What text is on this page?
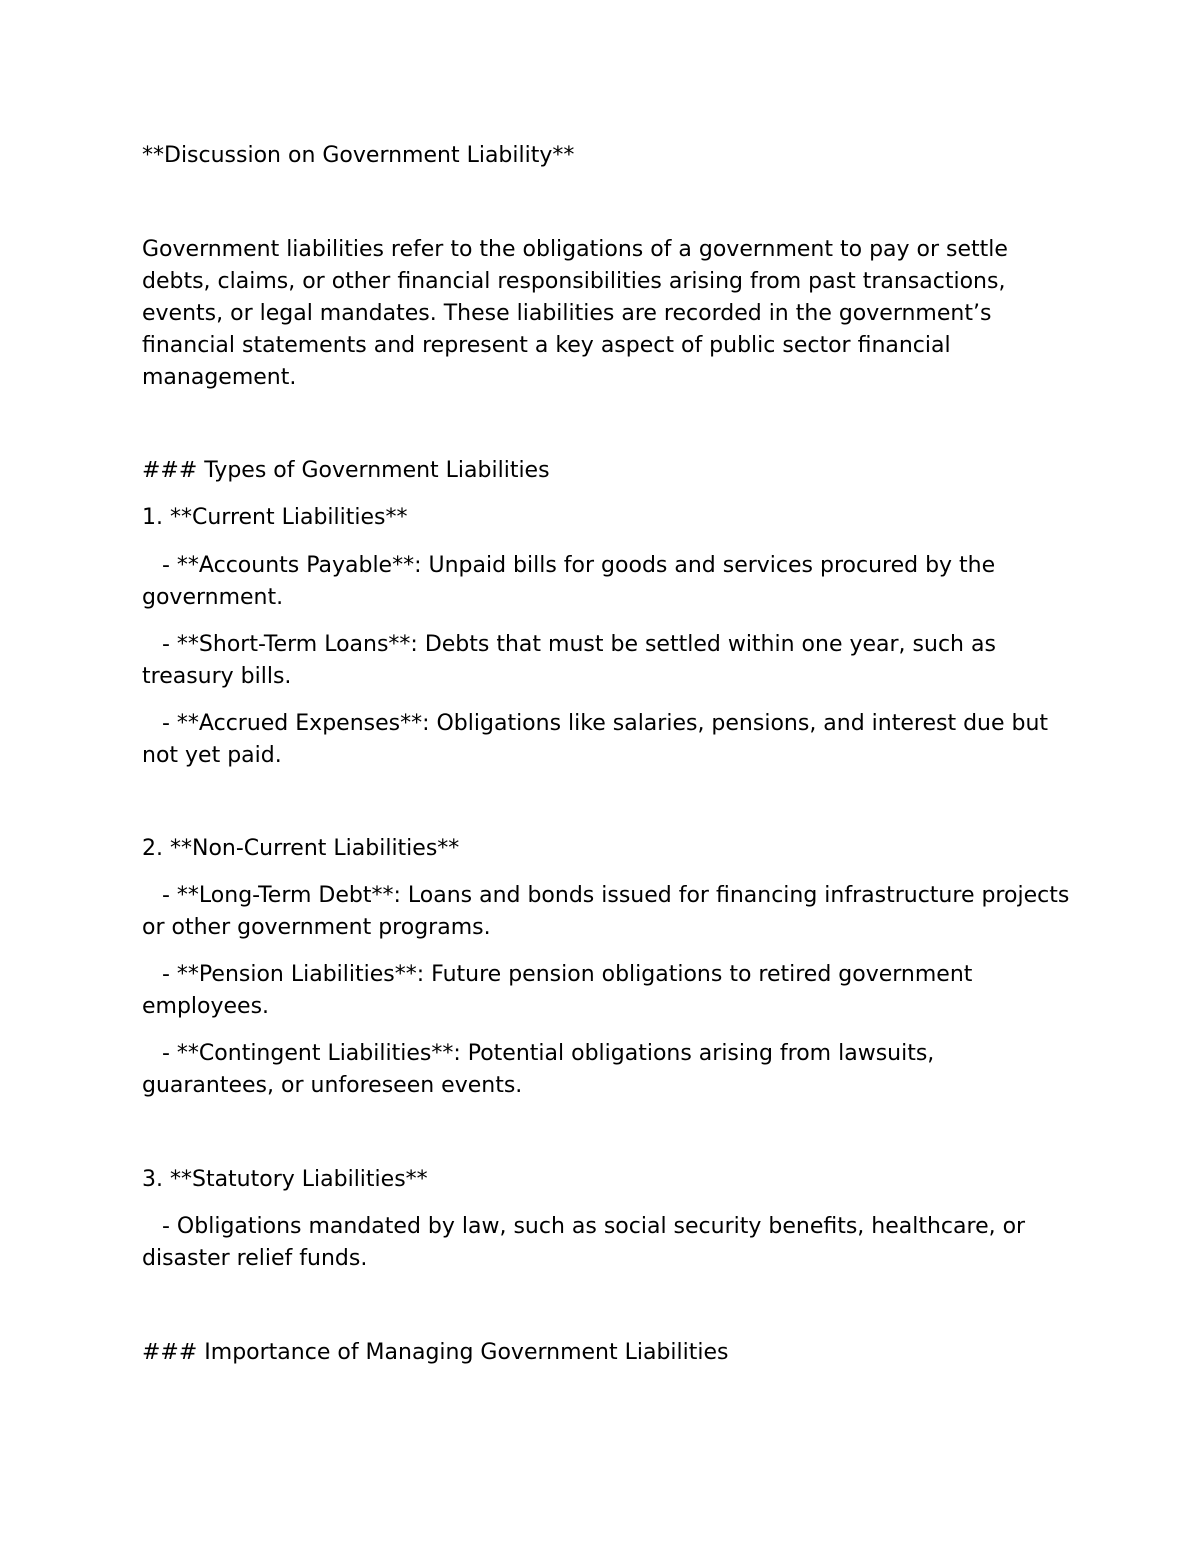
**Discussion on Government Liability**

Government liabilities refer to the obligations of a government to pay or settle debts, claims, or other financial responsibilities arising from past transactions, events, or legal mandates. These liabilities are recorded in the government’s financial statements and represent a key aspect of public sector financial management.

### Types of Government Liabilities

1. **Current Liabilities**

- **Accounts Payable**: Unpaid bills for goods and services procured by the government.

- **Short-Term Loans**: Debts that must be settled within one year, such as treasury bills.

- **Accrued Expenses**: Obligations like salaries, pensions, and interest due but not yet paid.

2. **Non-Current Liabilities**

- **Long-Term Debt**: Loans and bonds issued for financing infrastructure projects or other government programs.

- **Pension Liabilities**: Future pension obligations to retired government employees.

- **Contingent Liabilities**: Potential obligations arising from lawsuits, guarantees, or unforeseen events.

3. **Statutory Liabilities**

- Obligations mandated by law, such as social security benefits, healthcare, or disaster relief funds.

### Importance of Managing Government Liabilities
